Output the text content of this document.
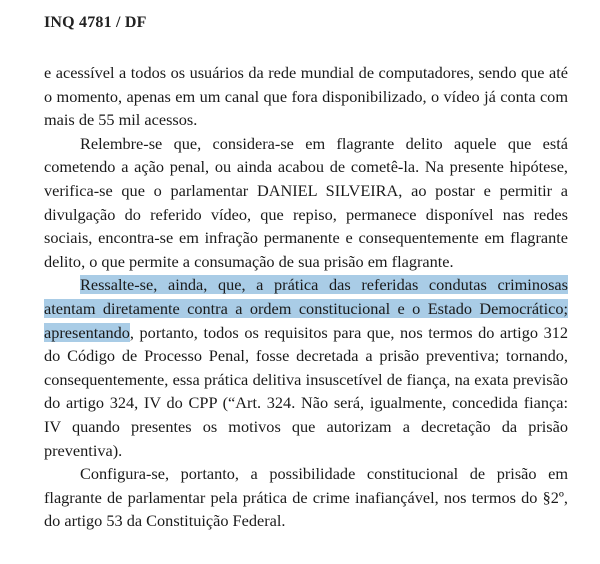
INQ 4781 / DF

e acessível a todos os usuários da rede mundial de computadores, sendo que até o momento, apenas em um canal que fora disponibilizado, o vídeo já conta com mais de 55 mil acessos.

Relembre-se que, considera-se em flagrante delito aquele que está cometendo a ação penal, ou ainda acabou de cometê-la. Na presente hipótese, verifica-se que o parlamentar DANIEL SILVEIRA, ao postar e permitir a divulgação do referido vídeo, que repiso, permanece disponível nas redes sociais, encontra-se em infração permanente e consequentemente em flagrante delito, o que permite a consumação de sua prisão em flagrante.

Ressalte-se, ainda, que, a prática das referidas condutas criminosas atentam diretamente contra a ordem constitucional e o Estado Democrático; apresentando, portanto, todos os requisitos para que, nos termos do artigo 312 do Código de Processo Penal, fosse decretada a prisão preventiva; tornando, consequentemente, essa prática delitiva insuscetível de fiança, na exata previsão do artigo 324, IV do CPP (“Art. 324. Não será, igualmente, concedida fiança: IV quando presentes os motivos que autorizam a decretação da prisão preventiva).

Configura-se, portanto, a possibilidade constitucional de prisão em flagrante de parlamentar pela prática de crime inafiançável, nos termos do §2º, do artigo 53 da Constituição Federal.
